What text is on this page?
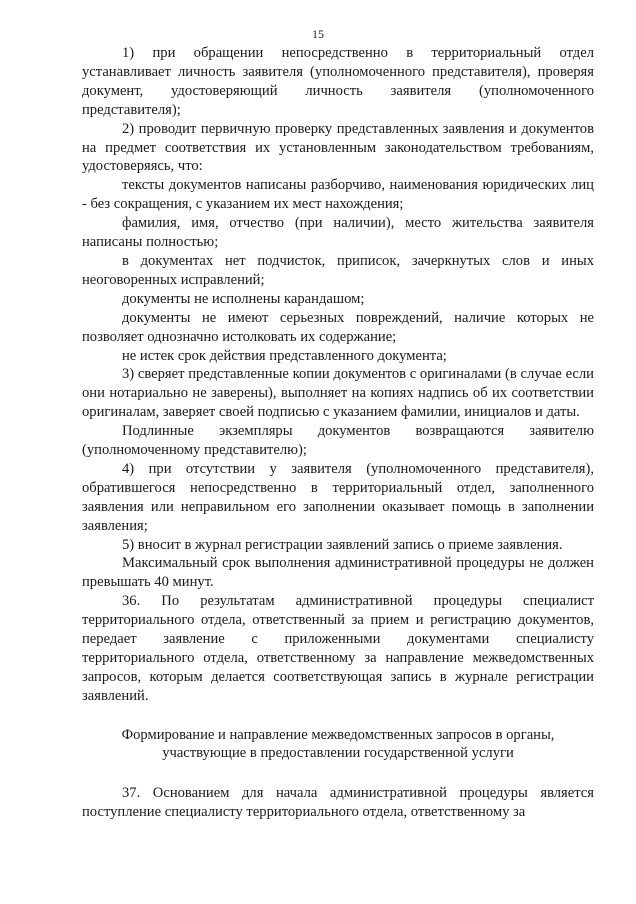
15

1) при обращении непосредственно в территориальный отдел устанавливает личность заявителя (уполномоченного представителя), проверяя документ, удостоверяющий личность заявителя (уполномоченного представителя);

2) проводит первичную проверку представленных заявления и документов на предмет соответствия их установленным законодательством требованиям, удостоверяясь, что:

тексты документов написаны разборчиво, наименования юридических лиц - без сокращения, с указанием их мест нахождения;

фамилия, имя, отчество (при наличии), место жительства заявителя написаны полностью;

в документах нет подчисток, приписок, зачеркнутых слов и иных неоговоренных исправлений;

документы не исполнены карандашом;

документы не имеют серьезных повреждений, наличие которых не позволяет однозначно истолковать их содержание;

не истек срок действия представленного документа;

3) сверяет представленные копии документов с оригиналами (в случае если они нотариально не заверены), выполняет на копиях надпись об их соответствии оригиналам, заверяет своей подписью с указанием фамилии, инициалов и даты.

Подлинные экземпляры документов возвращаются заявителю (уполномоченному представителю);

4) при отсутствии у заявителя (уполномоченного представителя), обратившегося непосредственно в территориальный отдел, заполненного заявления или неправильном его заполнении оказывает помощь в заполнении заявления;

5) вносит в журнал регистрации заявлений запись о приеме заявления.

Максимальный срок выполнения административной процедуры не должен превышать 40 минут.

36. По результатам административной процедуры специалист территориального отдела, ответственный за прием и регистрацию документов, передает заявление с приложенными документами специалисту территориального отдела, ответственному за направление межведомственных запросов, которым делается соответствующая запись в журнале регистрации заявлений.

Формирование и направление межведомственных запросов в органы,
участвующие в предоставлении государственной услуги

37. Основанием для начала административной процедуры является поступление специалисту территориального отдела, ответственному за
